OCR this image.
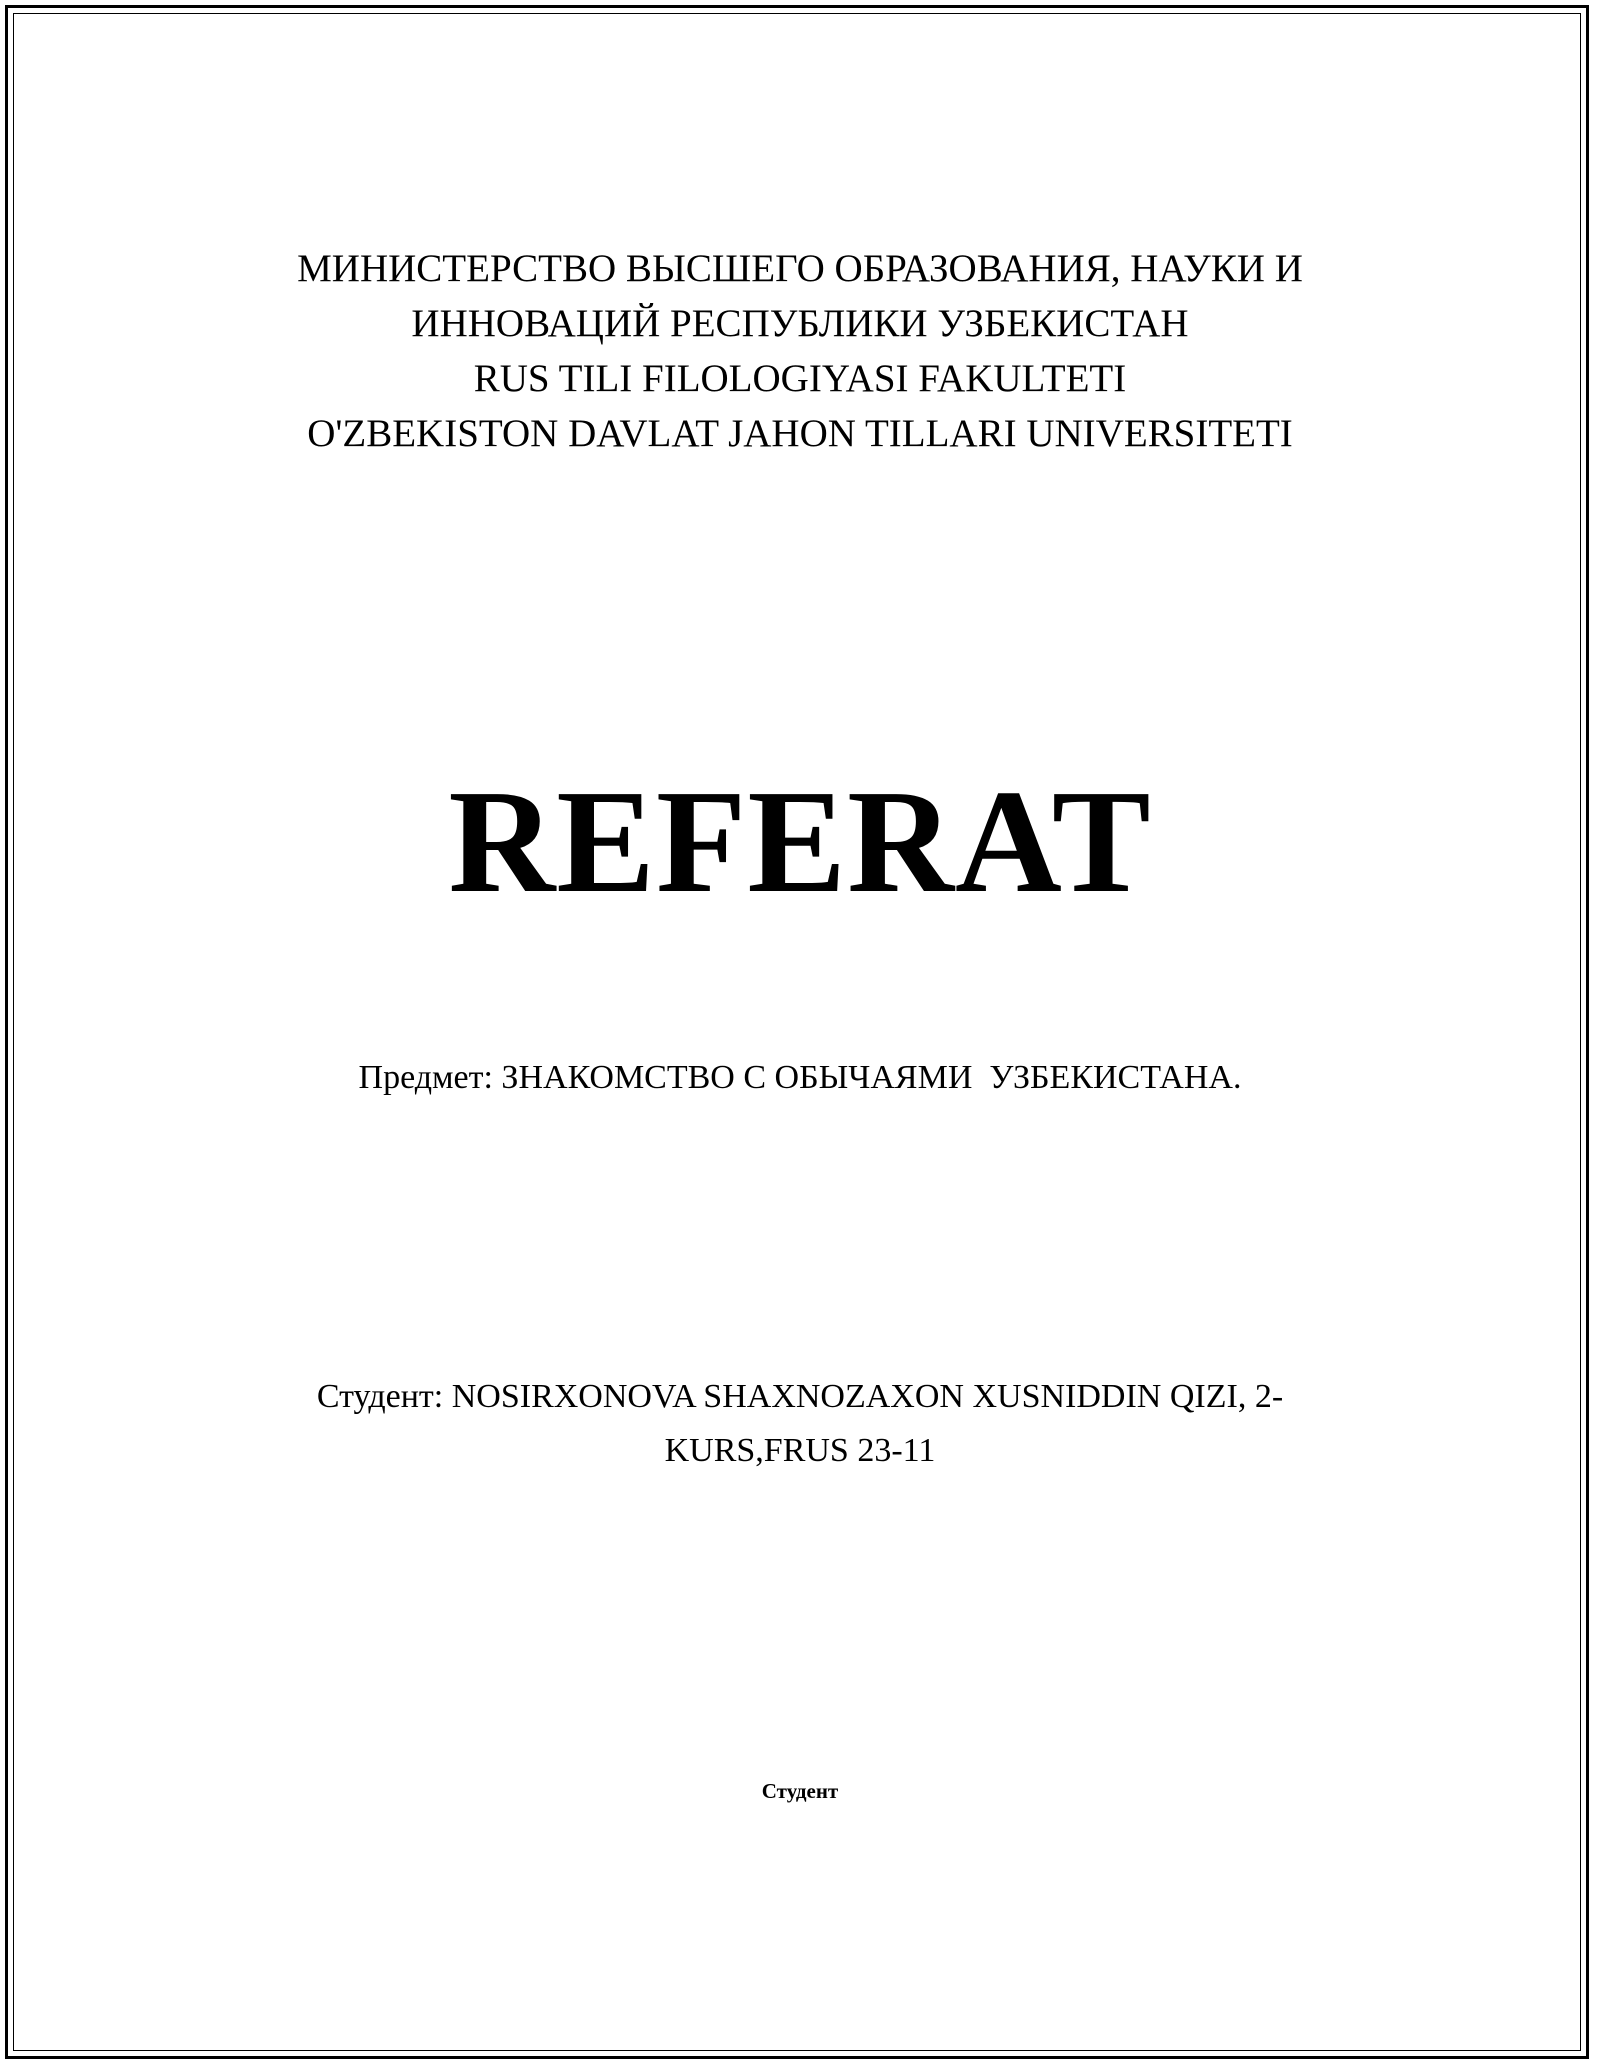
МИНИСТЕРСТВО ВЫСШЕГО ОБРАЗОВАНИЯ, НАУКИ И
ИННОВАЦИЙ РЕСПУБЛИКИ УЗБЕКИСТАН
RUS TILI FILOLOGIYASI FAKULTETI
O'ZBEKISTON DAVLAT JAHON TILLARI UNIVERSITETI
REFERAT
Предмет: ЗНАКОМСТВО С ОБЫЧАЯМИ  УЗБЕКИСТАНА.
Студент: NOSIRXONOVA SHAXNOZAXON XUSNIDDIN QIZI, 2-
KURS,FRUS 23-11
Студент
